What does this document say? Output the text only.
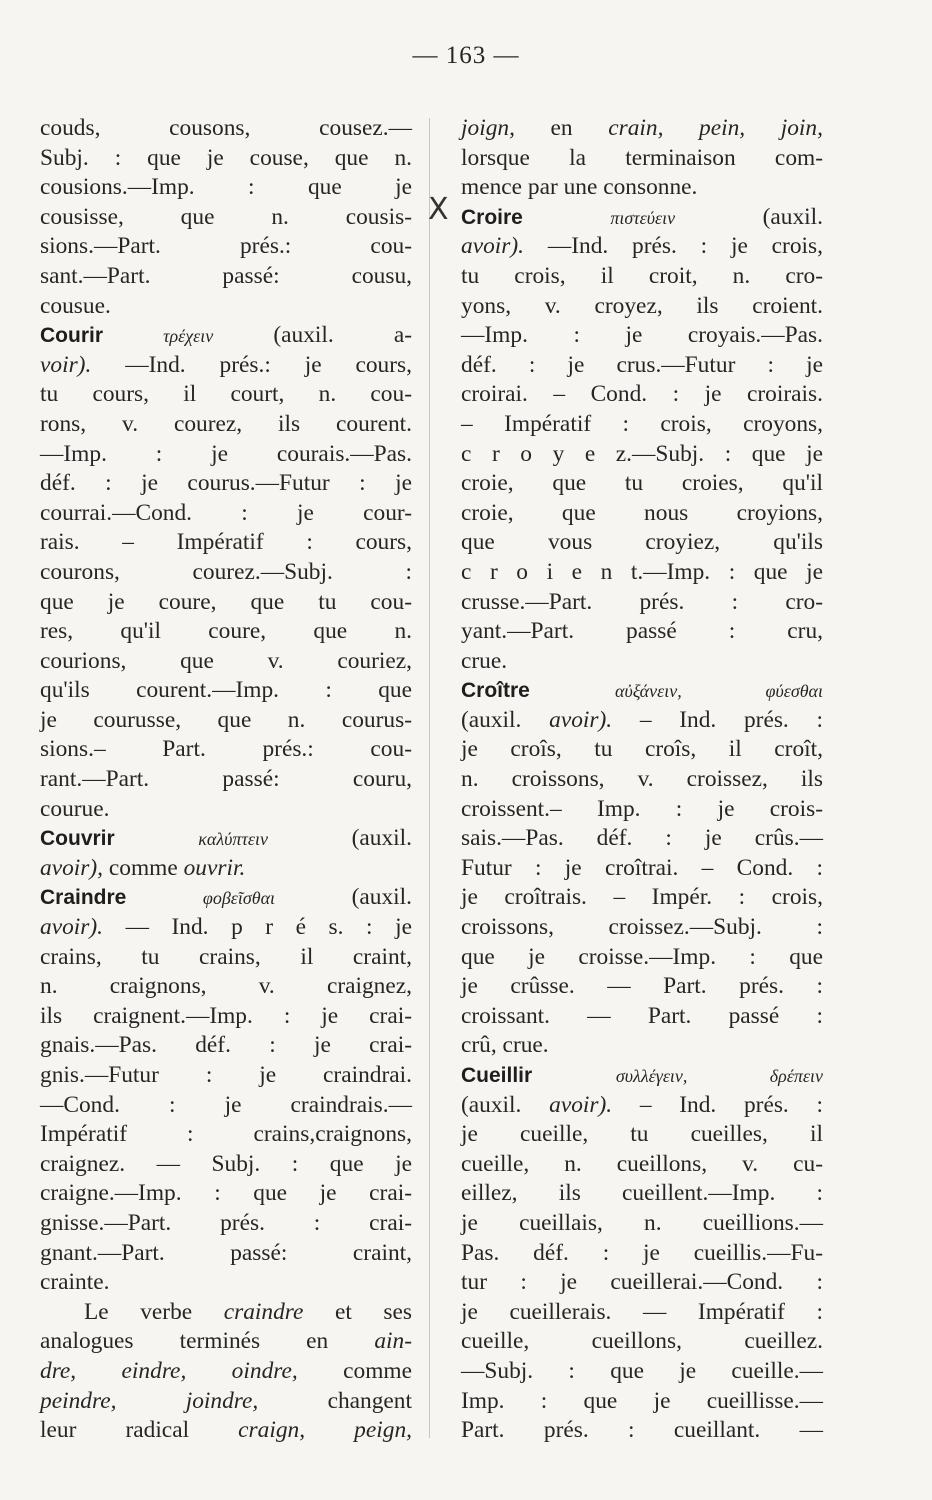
— 163 —
X
couds, cousons, cousez.—
Subj. : que je couse, que n.
cousions.—Imp. : que je
cousisse, que n. cousis-
sions.—Part. prés.: cou-
sant.—Part. passé: cousu,
cousue.
Courir	τρέχειν	(auxil. a-
voir). —Ind. prés.: je cours,
tu cours, il court, n. cou-
rons, v. courez, ils courent.
—Imp. : je courais.—Pas.
déf. : je courus.—Futur : je
courrai.—Cond. : je cour-
rais. – Impératif : cours,
courons, courez.—Subj. :
que je coure, que tu cou-
res, qu'il coure, que n.
courions, que v. couriez,
qu'ils courent.—Imp. : que
je courusse, que n. courus-
sions.– Part. prés.: cou-
rant.—Part. passé: couru,
courue.
Couvrir	καλύπτειν	(auxil.
avoir), comme ouvrir.
Craindre	φοβεῖσθαι	(auxil.
avoir). — Ind. p r é s. : je
crains, tu crains, il craint,
n. craignons, v. craignez,
ils craignent.—Imp. : je crai-
gnais.—Pas. déf. : je crai-
gnis.—Futur : je craindrai.
—Cond. : je craindrais.—
Impératif : crains,craignons,
craignez. — Subj. : que je
craigne.—Imp. : que je crai-
gnisse.—Part. prés. : crai-
gnant.—Part. passé: craint,
crainte.
Le verbe craindre et ses
analogues terminés en ain-
dre, eindre, oindre, comme
peindre, joindre,	changent
leur radical craign, peign,
joign, en crain, pein, join,
lorsque la terminaison com-
mence par une consonne.
Croire	πιστεύειν	(auxil.
avoir). —Ind. prés. : je crois,
tu crois, il croit, n. cro-
yons, v. croyez, ils croient.
—Imp. : je croyais.—Pas.
déf. : je crus.—Futur : je
croirai. – Cond. : je croirais.
– Impératif : crois, croyons,
c r o y e z.—Subj. : que je
croie, que tu croies, qu'il
croie, que nous croyions,
que vous croyiez, qu'ils
c r o i e n t.—Imp. : que je
crusse.—Part. prés. : cro-
yant.—Part. passé : cru,
crue.
Croître	αὐξάνειν, φύεσθαι
(auxil. avoir). – Ind. prés. :
je croîs, tu croîs, il croît,
n. croissons, v. croissez, ils
croissent.– Imp. : je crois-
sais.—Pas. déf. : je crûs.—
Futur : je croîtrai. – Cond. :
je croîtrais. – Impér. : crois,
croissons, croissez.—Subj. :
que je croisse.—Imp. : que
je crûsse. — Part. prés. :
croissant. — Part. passé :
crû, crue.
Cueillir	συλλέγειν, δρέπειν
(auxil. avoir). – Ind. prés. :
je cueille, tu cueilles, il
cueille, n. cueillons, v. cu-
eillez, ils cueillent.—Imp. :
je cueillais, n. cueillions.—
Pas. déf. : je cueillis.—Fu-
tur : je cueillerai.—Cond. :
je cueillerais. — Impératif :
cueille, cueillons, cueillez.
—Subj. : que je cueille.—
Imp. : que je cueillisse.—
Part. prés. : cueillant. —
